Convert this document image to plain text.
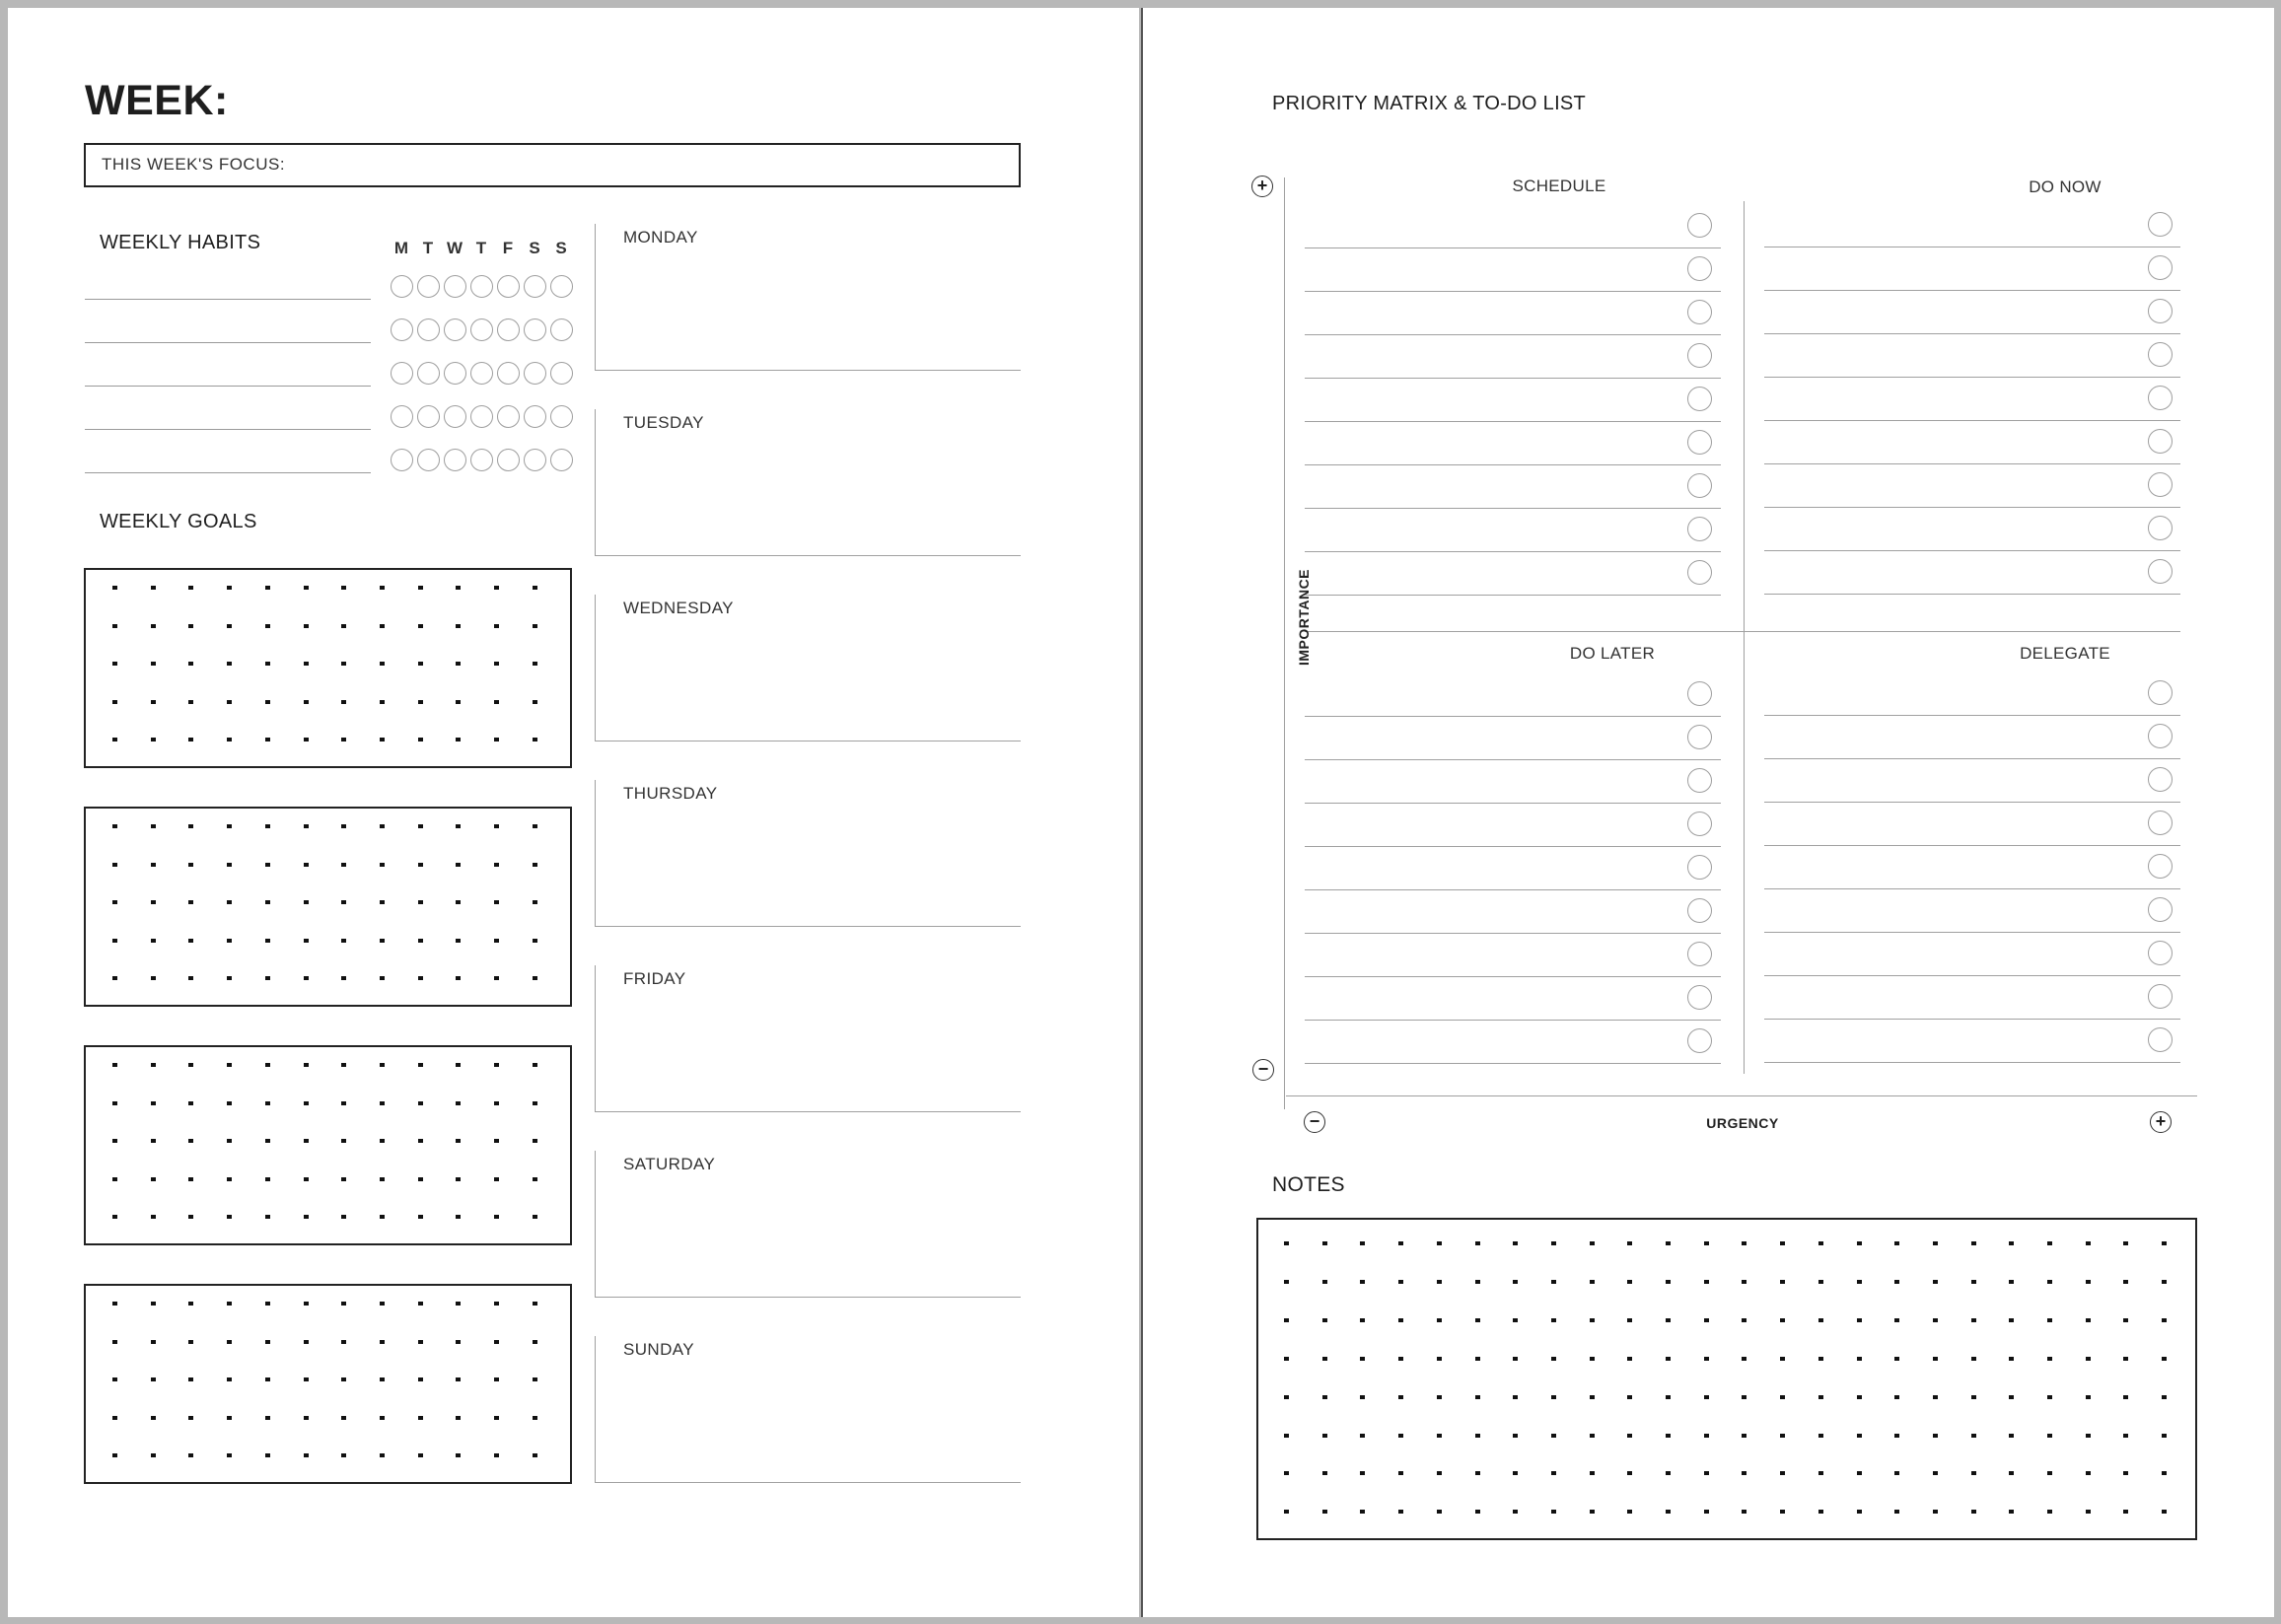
WEEK:
THIS WEEK'S FOCUS:
WEEKLY HABITS	M T W T F S S
WEEKLY GOALS
MONDAY
TUESDAY
WEDNESDAY
THURSDAY
FRIDAY
SATURDAY
SUNDAY
PRIORITY MATRIX & TO-DO LIST
+
−
IMPORTANCE
−	+
URGENCY
SCHEDULE	DO NOW
DO LATER	DELEGATE
NOTES
